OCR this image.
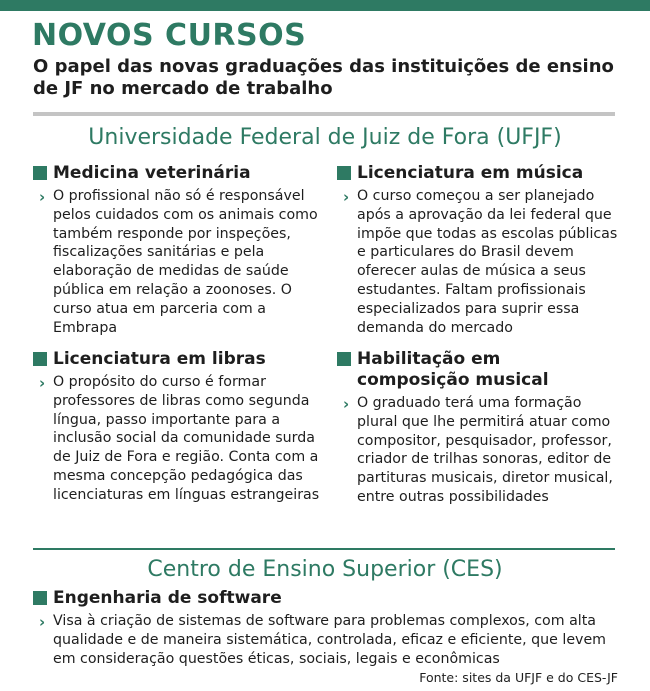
NOVOS CURSOS

O papel das novas graduações das instituições de ensino de JF no mercado de trabalho

Universidade Federal de Juiz de Fora (UFJF)
Medicina veterinária

› O profissional não só é responsável pelos cuidados com os animais como também responde por inspeções, fiscalizações sanitárias e pela elaboração de medidas de saúde pública em relação a zoonoses. O curso atua em parceria com a Embrapa

Licenciatura em música

› O curso começou a ser planejado após a aprovação da lei federal que impõe que todas as escolas públicas e particulares do Brasil devem oferecer aulas de música a seus estudantes. Faltam profissionais especializados para suprir essa demanda do mercado

Licenciatura em libras

› O propósito do curso é formar professores de libras como segunda língua, passo importante para a inclusão social da comunidade surda de Juiz de Fora e região. Conta com a mesma concepção pedagógica das licenciaturas em línguas estrangeiras

Habilitação em composição musical

› O graduado terá uma formação plural que lhe permitirá atuar como compositor, pesquisador, professor, criador de trilhas sonoras, editor de partituras musicais, diretor musical, entre outras possibilidades

Centro de Ensino Superior (CES)
Engenharia de software

› Visa à criação de sistemas de software para problemas complexos, com alta qualidade e de maneira sistemática, controlada, eficaz e eficiente, que levem em consideração questões éticas, sociais, legais e econômicas

Fonte: sites da UFJF e do CES-JF
